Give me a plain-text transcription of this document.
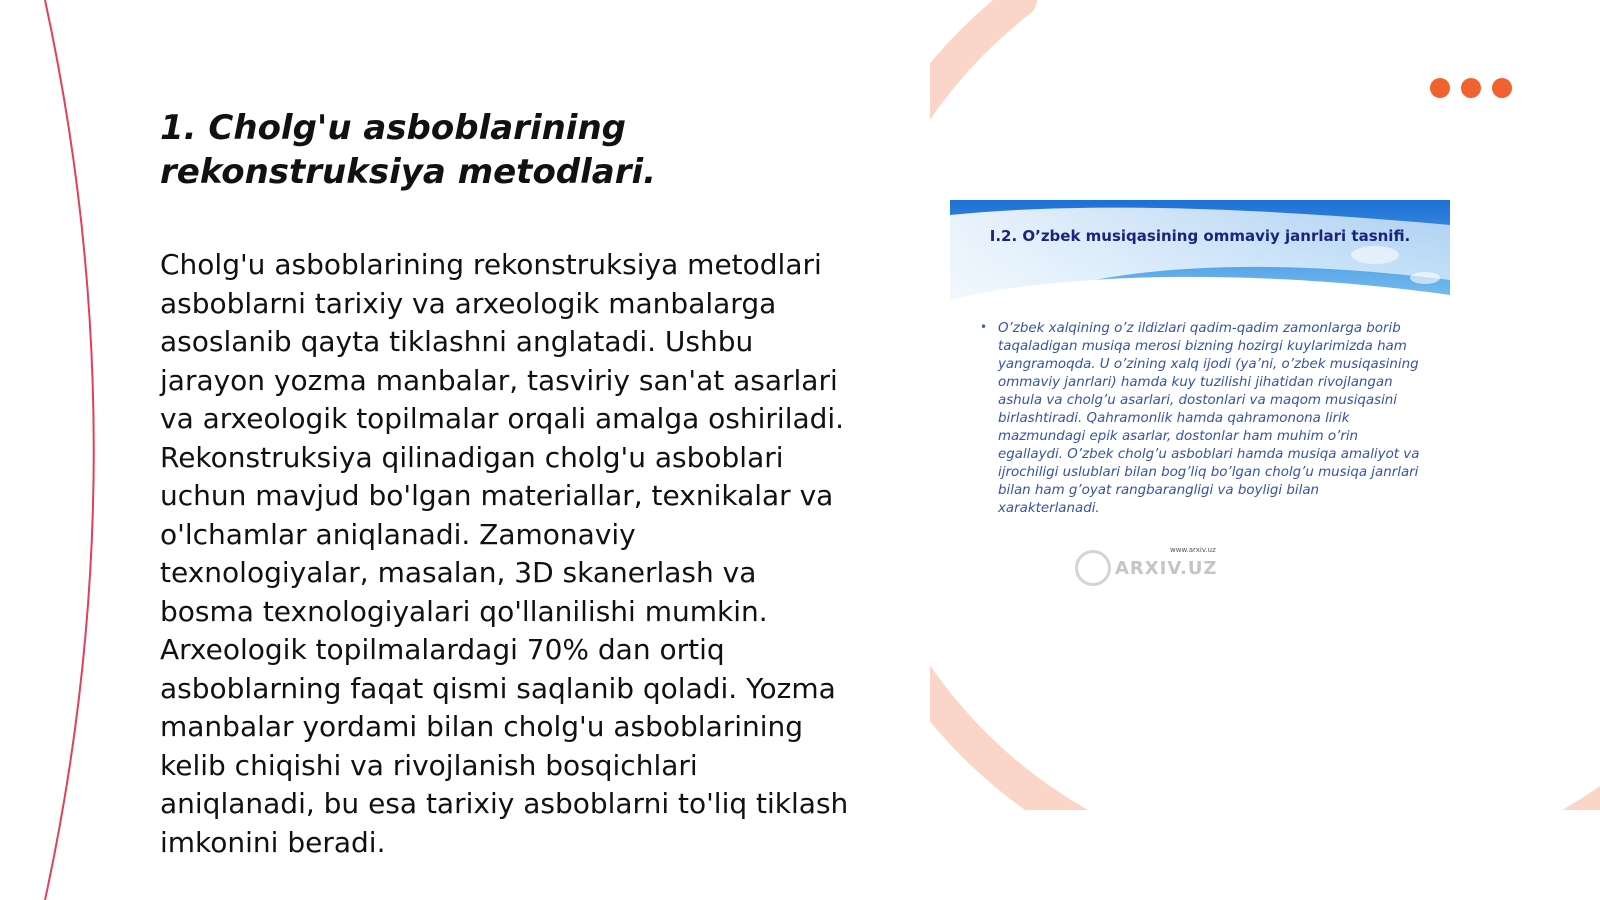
1. Cholg'u asboblarining rekonstruksiya metodlari.

Cholg'u asboblarining rekonstruksiya metodlari asboblarni tarixiy va arxeologik manbalarga asoslanib qayta tiklashni anglatadi. Ushbu jarayon yozma manbalar, tasviriy san'at asarlari va arxeologik topilmalar orqali amalga oshiriladi. Rekonstruksiya qilinadigan cholg'u asboblari uchun mavjud bo'lgan materiallar, texnikalar va o'lchamlar aniqlanadi. Zamonaviy texnologiyalar, masalan, 3D skanerlash va bosma texnologiyalari qo'llanilishi mumkin. Arxeologik topilmalardagi 70% dan ortiq asboblarning faqat qismi saqlanib qoladi. Yozma manbalar yordami bilan cholg'u asboblarining kelib chiqishi va rivojlanish bosqichlari aniqlanadi, bu esa tarixiy asboblarni to'liq tiklash imkonini beradi.

I.2. O’zbek musiqasining ommaviy janrlari tasnifi.
• O’zbek xalqining o’z ildizlari qadim-qadim zamonlarga borib taqaladigan musiqa merosi bizning hozirgi kuylarimizda ham yangramoqda. U o’zining xalq ijodi (ya’ni, o’zbek musiqasining ommaviy janrlari) hamda kuy tuzilishi jihatidan rivojlangan ashula va cholg’u asarlari, dostonlari va maqom musiqasini birlashtiradi. Qahramonlik hamda qahramonona lirik mazmundagi epik asarlar, dostonlar ham muhim o’rin egallaydi. O’zbek cholg’u asboblari hamda musiqa amaliyot va ijrochiligi uslublari bilan bog’liq bo’lgan cholg’u musiqa janrlari bilan ham g’oyat rangbarangligi va boyligi bilan xarakterlanadi.

www.arxiv.uz
ARXIV.UZ
